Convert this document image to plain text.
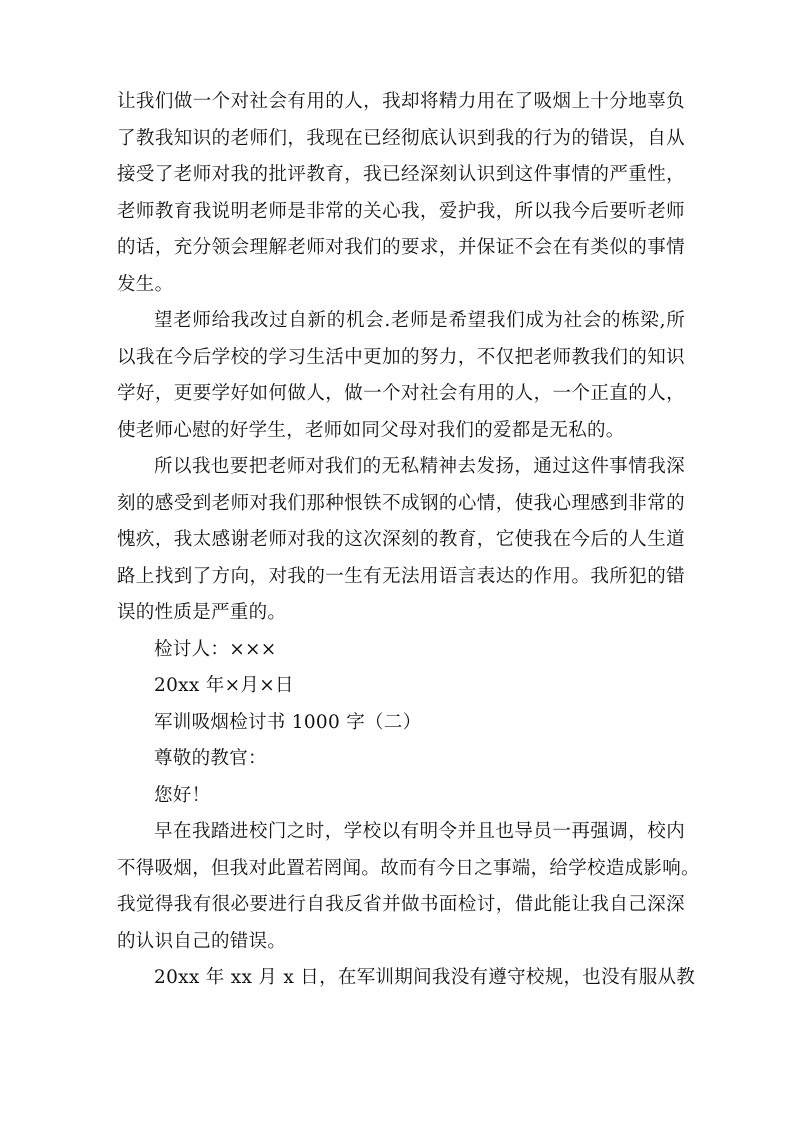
让我们做一个对社会有用的人，我却将精力用在了吸烟上十分地辜负
了教我知识的老师们，我现在已经彻底认识到我的行为的错误，自从
接受了老师对我的批评教育，我已经深刻认识到这件事情的严重性，
老师教育我说明老师是非常的关心我，爱护我，所以我今后要听老师
的话，充分领会理解老师对我们的要求，并保证不会在有类似的事情
发生。
望老师给我改过自新的机会.老师是希望我们成为社会的栋梁,所
以我在今后学校的学习生活中更加的努力，不仅把老师教我们的知识
学好，更要学好如何做人，做一个对社会有用的人，一个正直的人，
使老师心慰的好学生，老师如同父母对我们的爱都是无私的。
所以我也要把老师对我们的无私精神去发扬，通过这件事情我深
刻的感受到老师对我们那种恨铁不成钢的心情，使我心理感到非常的
愧疚，我太感谢老师对我的这次深刻的教育，它使我在今后的人生道
路上找到了方向，对我的一生有无法用语言表达的作用。我所犯的错
误的性质是严重的。
检讨人：×××
20xx 年×月×日
军训吸烟检讨书 1000 字（二）
尊敬的教官：
您好！
早在我踏进校门之时，学校以有明令并且也导员一再强调，校内
不得吸烟，但我对此置若罔闻。故而有今日之事端，给学校造成影响。
我觉得我有很必要进行自我反省并做书面检讨，借此能让我自己深深
的认识自己的错误。
20xx 年 xx 月 x 日，在军训期间我没有遵守校规，也没有服从教
